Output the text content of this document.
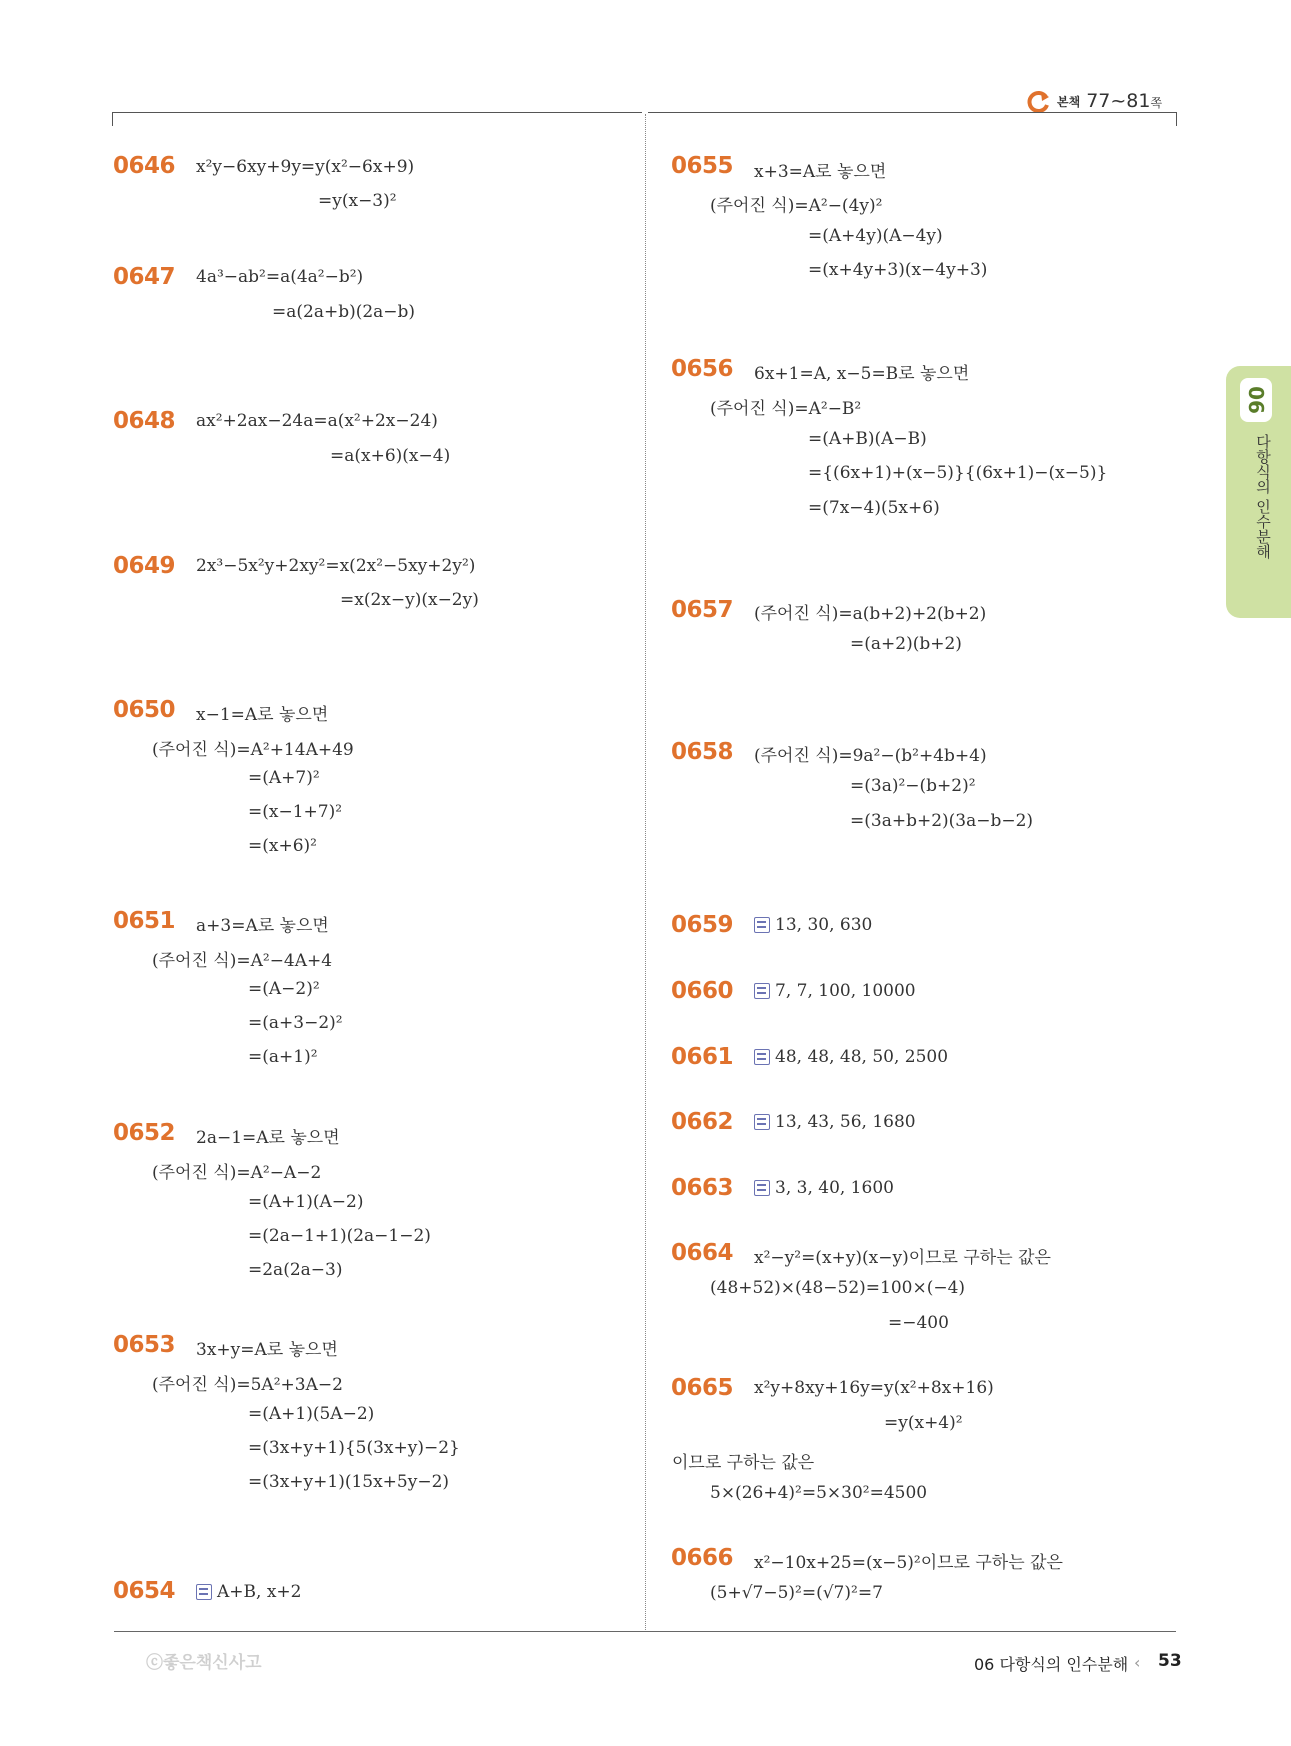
본책 77~81쪽
06
다항식의 인수분해
0646 x²y−6xy+9y=y(x²−6x+9)
=y(x−3)²
0647 4a³−ab²=a(4a²−b²)
=a(2a+b)(2a−b)
0648 ax²+2ax−24a=a(x²+2x−24)
=a(x+6)(x−4)
0649 2x³−5x²y+2xy²=x(2x²−5xy+2y²)
=x(2x−y)(x−2y)
0650 x−1=A로 놓으면
(주어진 식)=A²+14A+49
=(A+7)²
=(x−1+7)²
=(x+6)²
0651 a+3=A로 놓으면
(주어진 식)=A²−4A+4
=(A−2)²
=(a+3−2)²
=(a+1)²
0652 2a−1=A로 놓으면
(주어진 식)=A²−A−2
=(A+1)(A−2)
=(2a−1+1)(2a−1−2)
=2a(2a−3)
0653 3x+y=A로 놓으면
(주어진 식)=5A²+3A−2
=(A+1)(5A−2)
=(3x+y+1){5(3x+y)−2}
=(3x+y+1)(15x+5y−2)
0654 A+B, x+2
0655 x+3=A로 놓으면
(주어진 식)=A²−(4y)²
=(A+4y)(A−4y)
=(x+4y+3)(x−4y+3)
0656 6x+1=A, x−5=B로 놓으면
(주어진 식)=A²−B²
=(A+B)(A−B)
={(6x+1)+(x−5)}{(6x+1)−(x−5)}
=(7x−4)(5x+6)
0657 (주어진 식)=a(b+2)+2(b+2)
=(a+2)(b+2)
0658 (주어진 식)=9a²−(b²+4b+4)
=(3a)²−(b+2)²
=(3a+b+2)(3a−b−2)
0659 13, 30, 630
0660 7, 7, 100, 10000
0661 48, 48, 48, 50, 2500
0662 13, 43, 56, 1680
0663 3, 3, 40, 1600
0664 x²−y²=(x+y)(x−y)이므로 구하는 값은
(48+52)×(48−52)=100×(−4)
=−400
0665 x²y+8xy+16y=y(x²+8x+16)
=y(x+4)²
이므로 구하는 값은
5×(26+4)²=5×30²=4500
0666 x²−10x+25=(x−5)²이므로 구하는 값은
(5+√7−5)²=(√7)²=7
ⓒ좋은책신사고	06 다항식의 인수분해 ‹ 53
